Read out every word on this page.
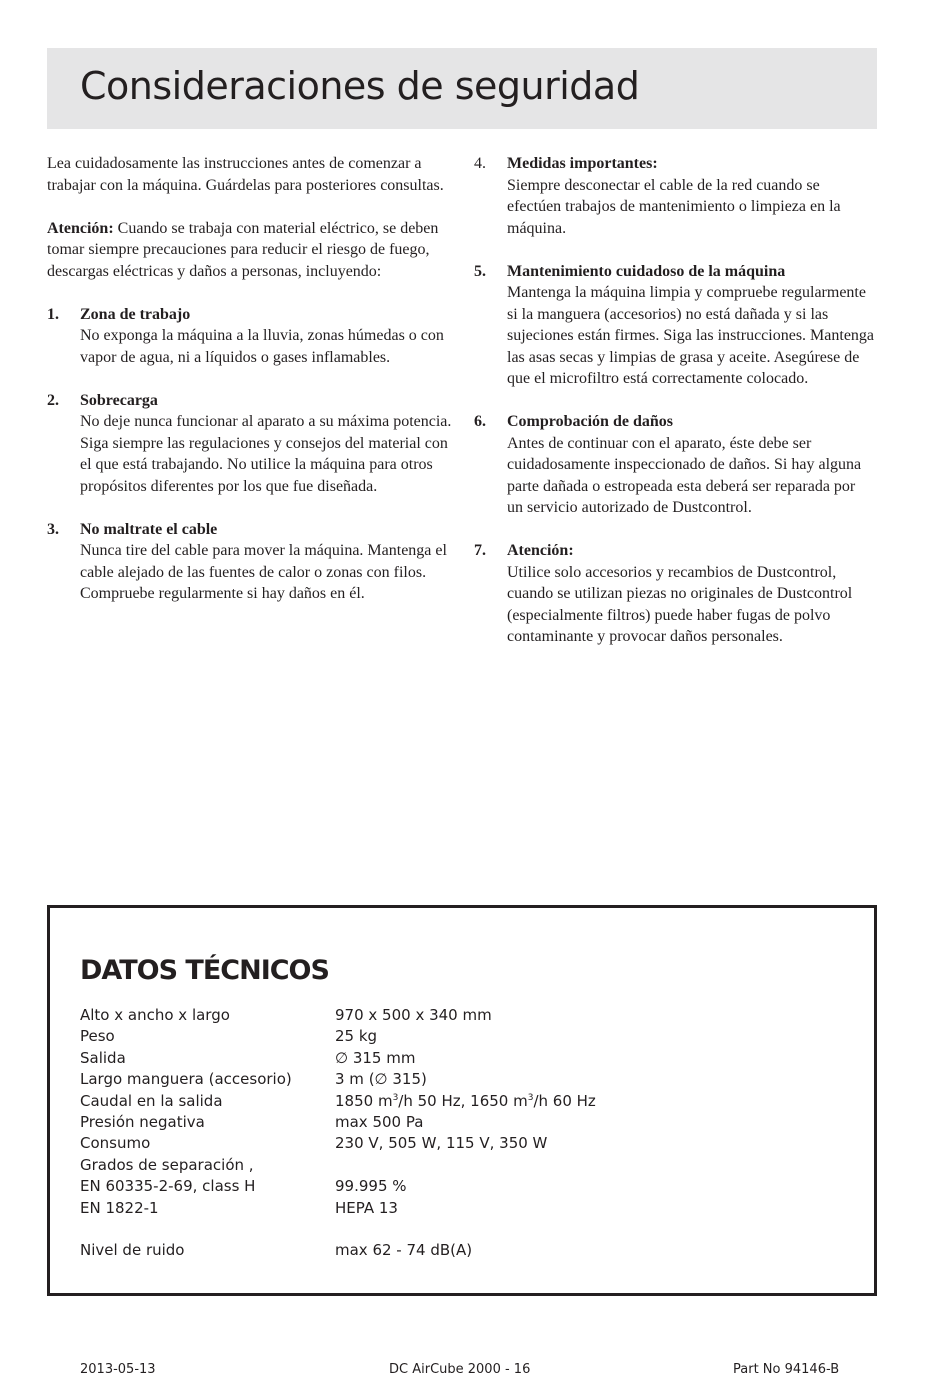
Consideraciones de seguridad

Lea cuidadosamente las instrucciones antes de comenzar a trabajar con la máquina. Guárdelas para posteriores consultas.

Atención: Cuando se trabaja con material eléctrico, se deben tomar siempre precauciones para reducir el riesgo de fuego, descargas eléctricas y daños a personas, incluyendo:

1. Zona de trabajo
No exponga la máquina a la lluvia, zonas húmedas o con vapor de agua, ni a líquidos o gases inflamables.
2. Sobrecarga
No deje nunca funcionar al aparato a su máxima potencia. Siga siempre las regulaciones y consejos del material con el que está trabajando. No utilice la máquina para otros propósitos diferentes por los que fue diseñada.
3. No maltrate el cable
Nunca tire del cable para mover la máquina. Mantenga el cable alejado de las fuentes de calor o zonas con filos. Compruebe regularmente si hay daños en él.
4. Medidas importantes:
Siempre desconectar el cable de la red cuando se efectúen trabajos de mantenimiento o limpieza en la máquina.
5. Mantenimiento cuidadoso de la máquina
Mantenga la máquina limpia y compruebe regularmente si la manguera (accesorios) no está dañada y si las sujeciones están firmes. Siga las instrucciones. Mantenga las asas secas y limpias de grasa y aceite. Asegúrese de que el microfiltro está correctamente colocado.
6. Comprobación de daños
Antes de continuar con el aparato, éste debe ser cuidadosamente inspeccionado de daños. Si hay alguna parte dañada o estropeada esta deberá ser reparada por un servicio autorizado de Dustcontrol.
7. Atención:
Utilice solo accesorios y recambios de Dustcontrol, cuando se utilizan piezas no originales de Dustcontrol (especialmente filtros) puede haber fugas de polvo contaminante y provocar daños personales.
DATOS TÉCNICOS
Alto x ancho x largo	970 x 500 x 340 mm
Peso	25 kg
Salida	∅ 315 mm
Largo manguera (accesorio)	3 m (∅ 315)
Caudal en la salida	1850 $m^3/h$ 50 Hz, 1650 $m^3/h$ 60 Hz
Presión negativa	max 500 Pa
Consumo	230 V, 505 W, 115 V, 350 W
Grados de separación ,
EN 60335-2-69, class H	99.995 %
EN 1822-1	HEPA 13
Nivel de ruido	max 62 - 74 dB(A)
2013-05-13	DC AirCube 2000 - 16	Part No 94146-B
